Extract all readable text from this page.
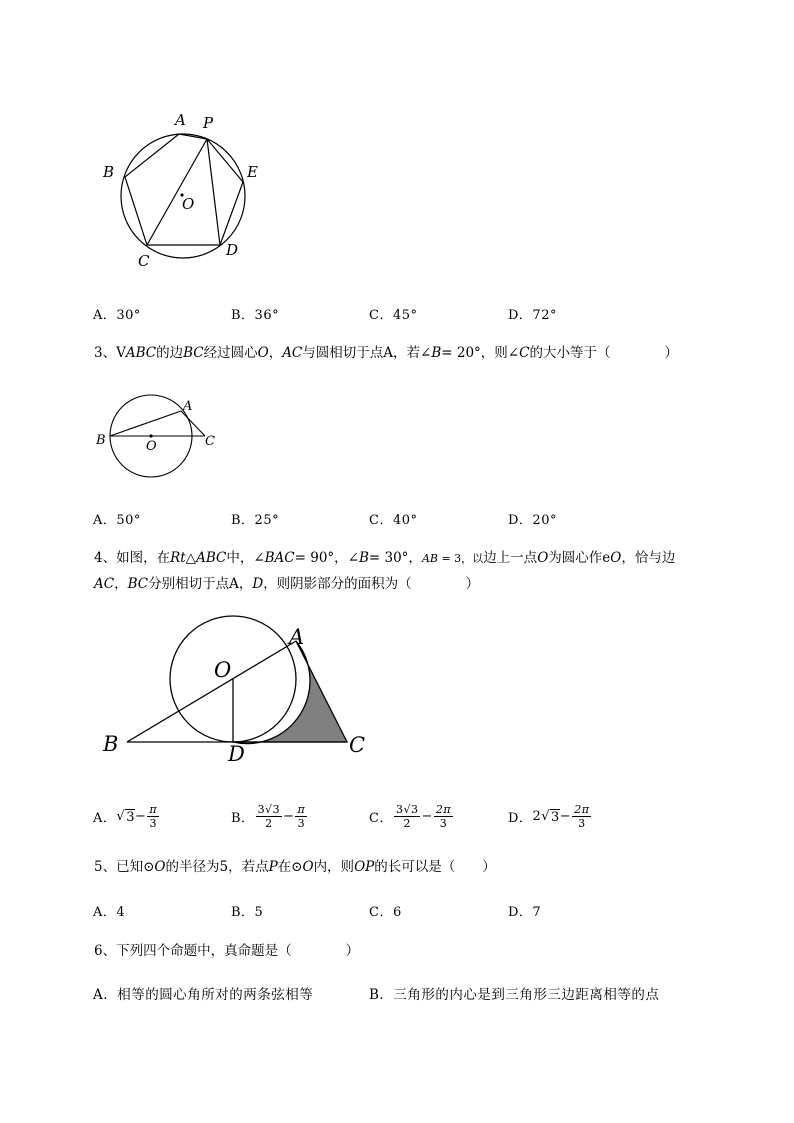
A P
B	E
O
C
D
A．30°	B．36°	C．45°	D．72°
3、VABC的边BC经过圆心O，AC与圆相切于点A，若∠B= 20°，则∠C的大小等于（　　　　）
A
B	O	C
A．50°	B．25°	C．40°	D．20°
4、如图，在Rt△ABC中，∠BAC= 90°，∠B= 30°，AB = 3，以边上一点O为圆心作eO，恰与边
AC，BC分别相切于点A，D，则阴影部分的面积为（　　　　）
A
O
B	D	C
A． √ $3 - \frac{\pi}{3}$	B． $\frac{3√3}{2} - \frac{\pi}{3}$	C． $\frac{3√3}{2} - \frac{2\pi}{3}$	D． 2 √ $3 - \frac{2\pi}{3}$
5、已知⊙O的半径为5，若点P在⊙O内，则OP的长可以是（　　）
A．4	B．5	C．6	D．7
6、下列四个命题中，真命题是（　　　　）
A．相等的圆心角所对的两条弦相等	B．三角形的内心是到三角形三边距离相等的点
